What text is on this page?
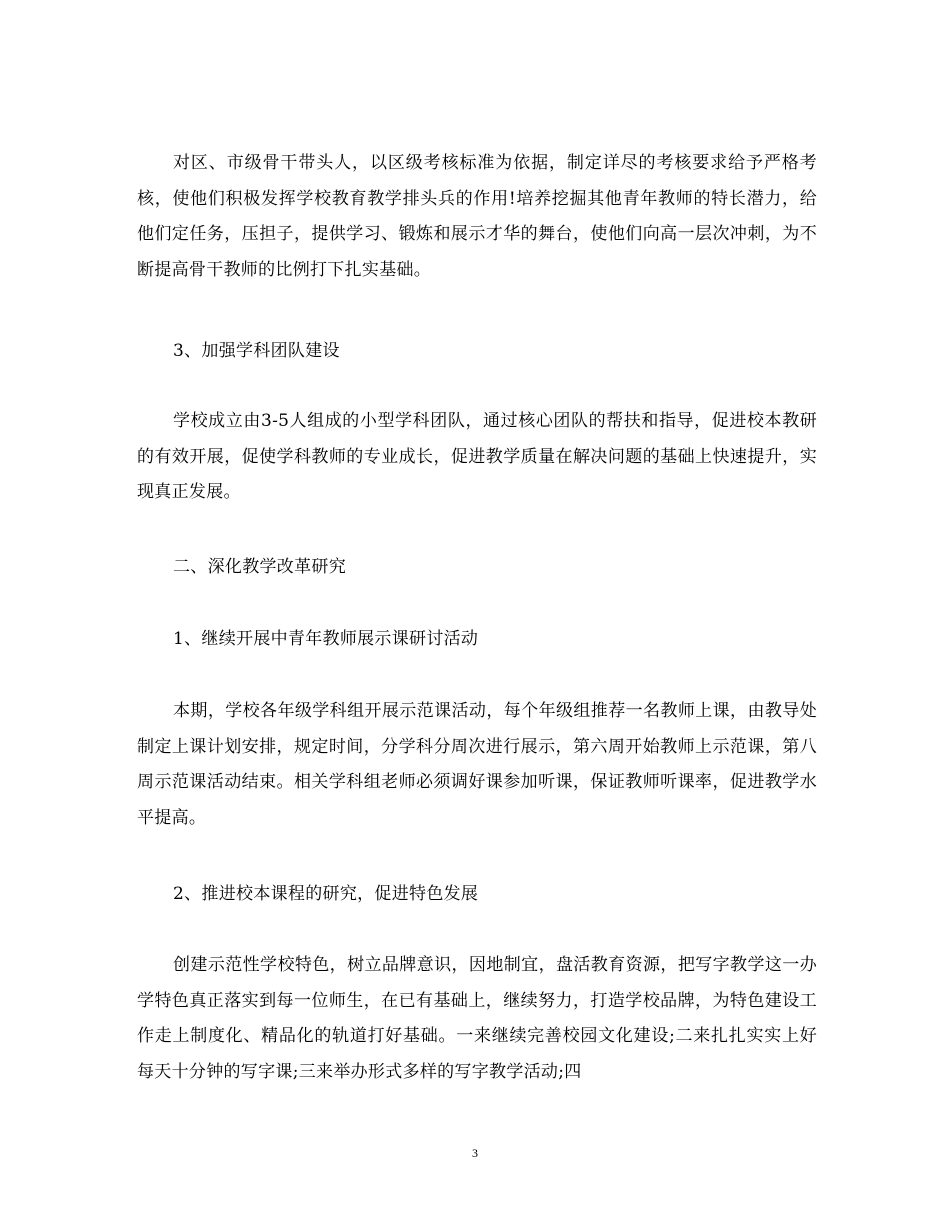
对区、市级骨干带头人，以区级考核标准为依据，制定详尽的考核要求给予严格考核，使他们积极发挥学校教育教学排头兵的作用!培养挖掘其他青年教师的特长潜力，给他们定任务，压担子，提供学习、锻炼和展示才华的舞台，使他们向高一层次冲刺，为不断提高骨干教师的比例打下扎实基础。

3、加强学科团队建设

学校成立由3-5人组成的小型学科团队，通过核心团队的帮扶和指导，促进校本教研的有效开展，促使学科教师的专业成长，促进教学质量在解决问题的基础上快速提升，实现真正发展。

二、深化教学改革研究

1、继续开展中青年教师展示课研讨活动

本期，学校各年级学科组开展示范课活动，每个年级组推荐一名教师上课，由教导处制定上课计划安排，规定时间，分学科分周次进行展示，第六周开始教师上示范课，第八周示范课活动结束。相关学科组老师必须调好课参加听课，保证教师听课率，促进教学水平提高。

2、推进校本课程的研究，促进特色发展

创建示范性学校特色，树立品牌意识，因地制宜，盘活教育资源，把写字教学这一办学特色真正落实到每一位师生，在已有基础上，继续努力，打造学校品牌，为特色建设工作走上制度化、精品化的轨道打好基础。一来继续完善校园文化建设;二来扎扎实实上好每天十分钟的写字课;三来举办形式多样的写字教学活动;四

3
